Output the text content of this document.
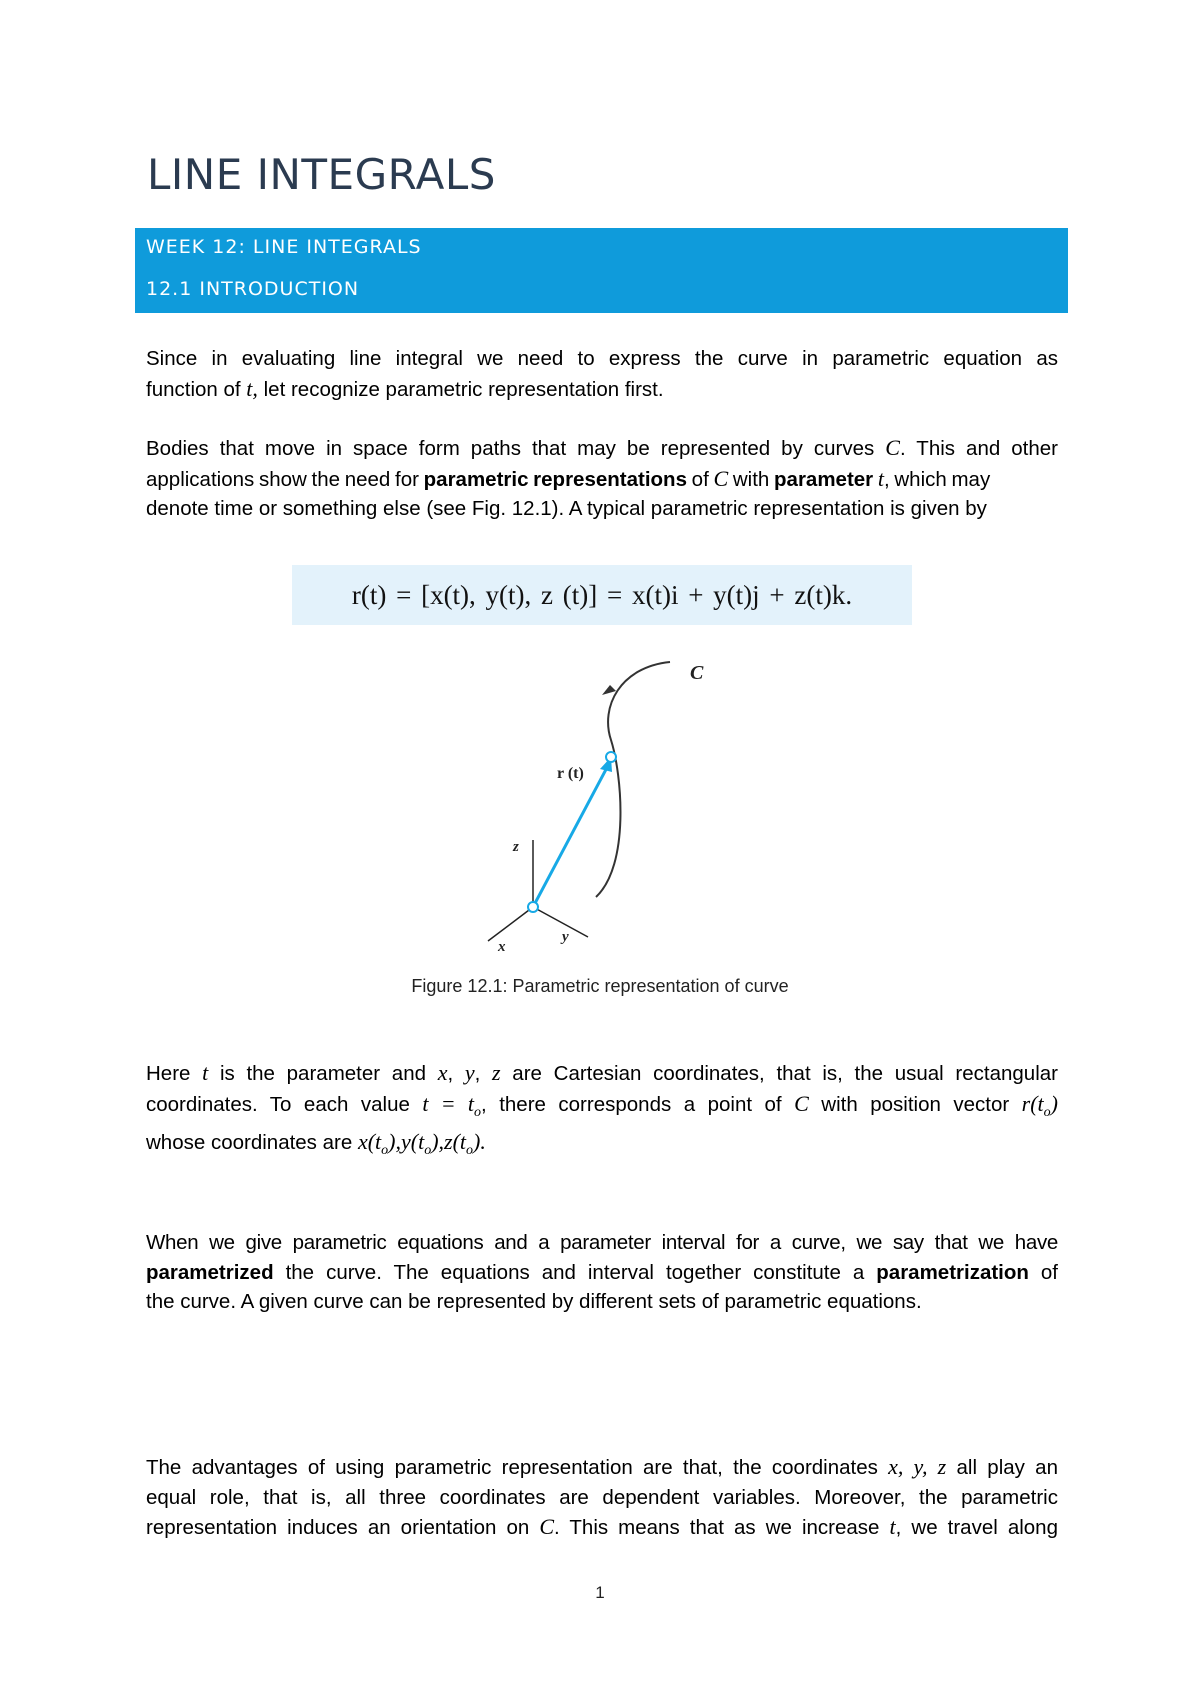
LINE INTEGRALS
WEEK 12: LINE INTEGRALS
12.1 INTRODUCTION

Since in evaluating line integral we need to express the curve in parametric equation as
function of t, let recognize parametric representation first.

Bodies that move in space form paths that may be represented by curves C. This and other
applications show the need for parametric representations of C with parameter t, which may
denote time or something else (see Fig. 12.1). A typical parametric representation is given by

r(t) = [x(t), y(t), z (t)] = x(t)i + y(t)j + z(t)k.
C
r (t)
z
x
y
Figure 12.1: Parametric representation of curve

Here t is the parameter and x, y, z are Cartesian coordinates, that is, the usual rectangular
coordinates. To each value $t = t_o$, there corresponds a point of C with position vector $r(t_o)$
whose coordinates are $x(t_o),y(t_o),z(t_o)$.

When we give parametric equations and a parameter interval for a curve, we say that we have
parametrized the curve. The equations and interval together constitute a parametrization of
the curve. A given curve can be represented by different sets of parametric equations.

The advantages of using parametric representation are that, the coordinates x, y, z all play an
equal role, that is, all three coordinates are dependent variables. Moreover, the parametric
representation induces an orientation on C. This means that as we increase t, we travel along

1
